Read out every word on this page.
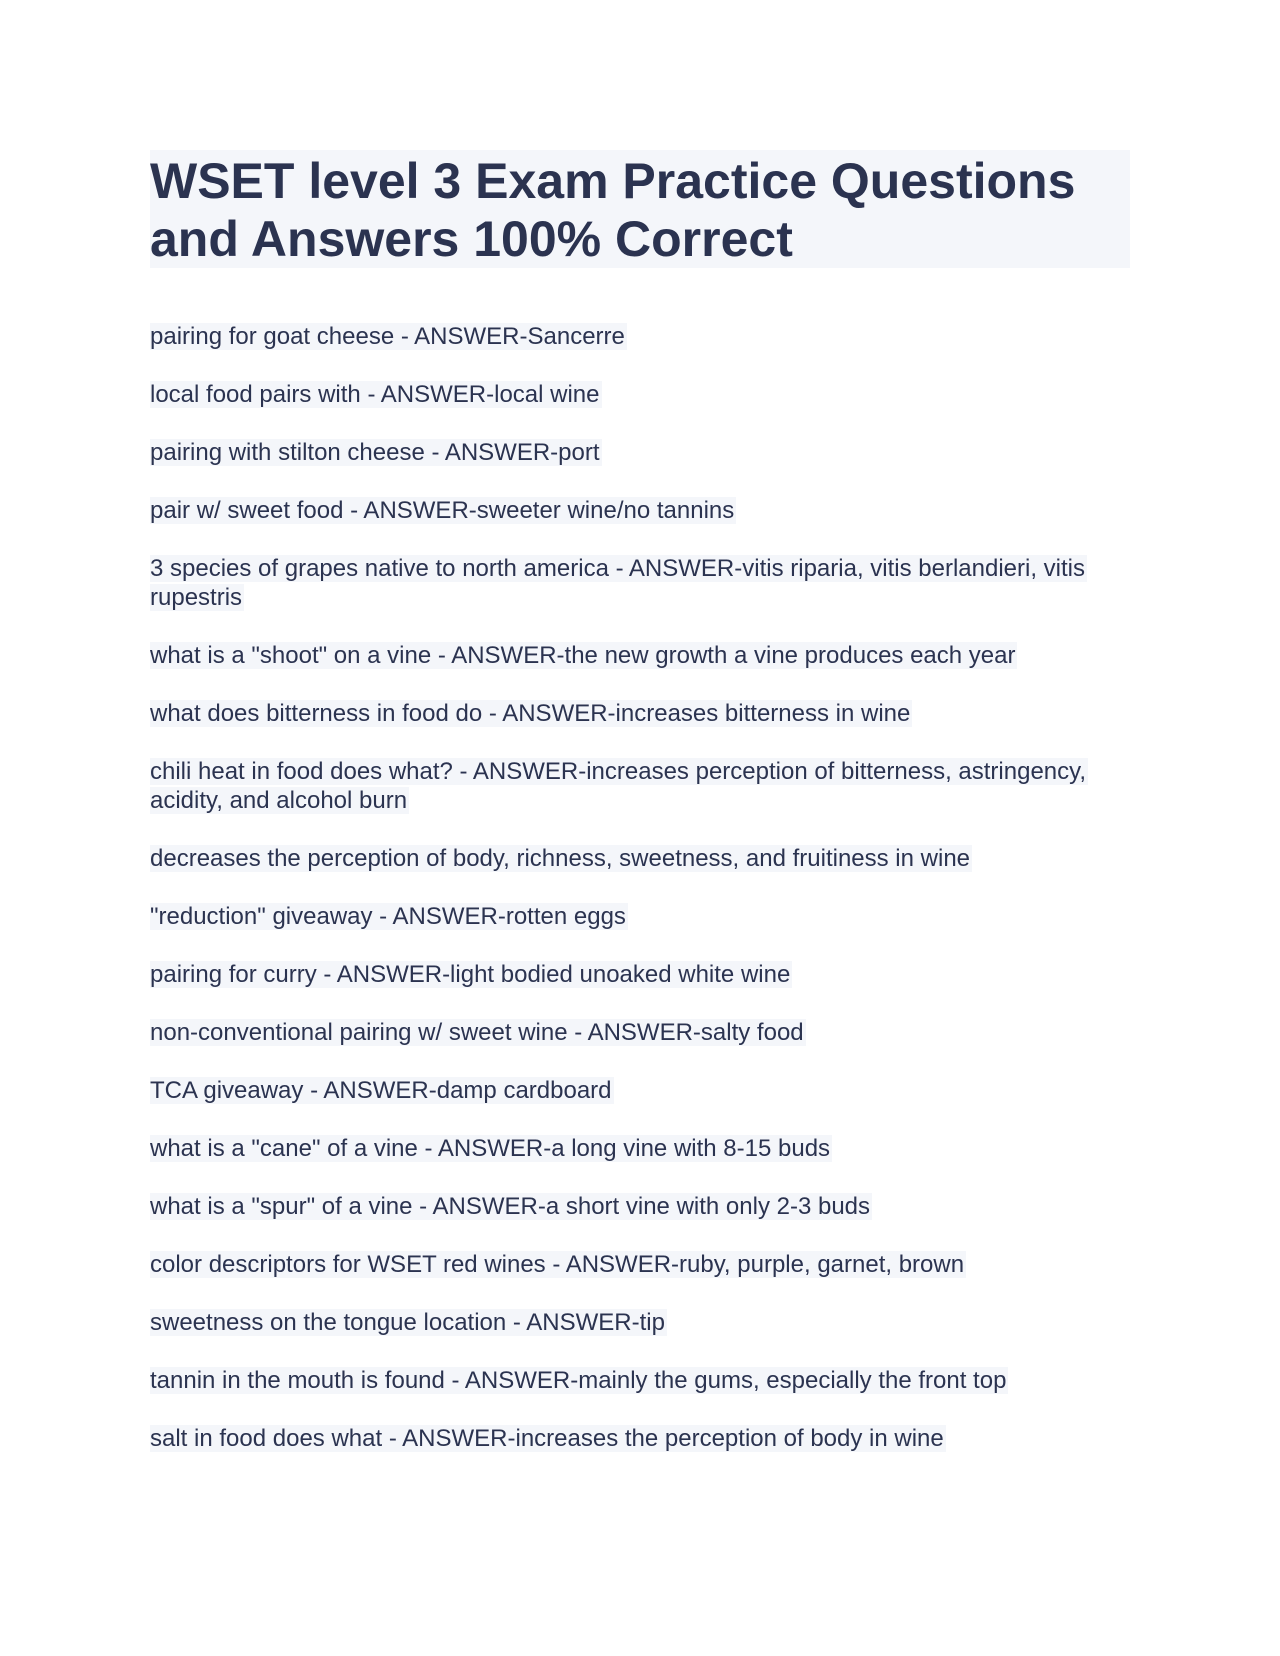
WSET level 3 Exam Practice Questions and Answers 100% Correct

pairing for goat cheese - ANSWER-Sancerre

local food pairs with - ANSWER-local wine

pairing with stilton cheese - ANSWER-port

pair w/ sweet food - ANSWER-sweeter wine/no tannins

3 species of grapes native to north america - ANSWER-vitis riparia, vitis berlandieri, vitis rupestris

what is a "shoot" on a vine - ANSWER-the new growth a vine produces each year

what does bitterness in food do - ANSWER-increases bitterness in wine

chili heat in food does what? - ANSWER-increases perception of bitterness, astringency, acidity, and alcohol burn

decreases the perception of body, richness, sweetness, and fruitiness in wine

"reduction" giveaway - ANSWER-rotten eggs

pairing for curry - ANSWER-light bodied unoaked white wine

non-conventional pairing w/ sweet wine - ANSWER-salty food

TCA giveaway - ANSWER-damp cardboard

what is a "cane" of a vine - ANSWER-a long vine with 8-15 buds

what is a "spur" of a vine - ANSWER-a short vine with only 2-3 buds

color descriptors for WSET red wines - ANSWER-ruby, purple, garnet, brown

sweetness on the tongue location - ANSWER-tip

tannin in the mouth is found - ANSWER-mainly the gums, especially the front top

salt in food does what - ANSWER-increases the perception of body in wine
